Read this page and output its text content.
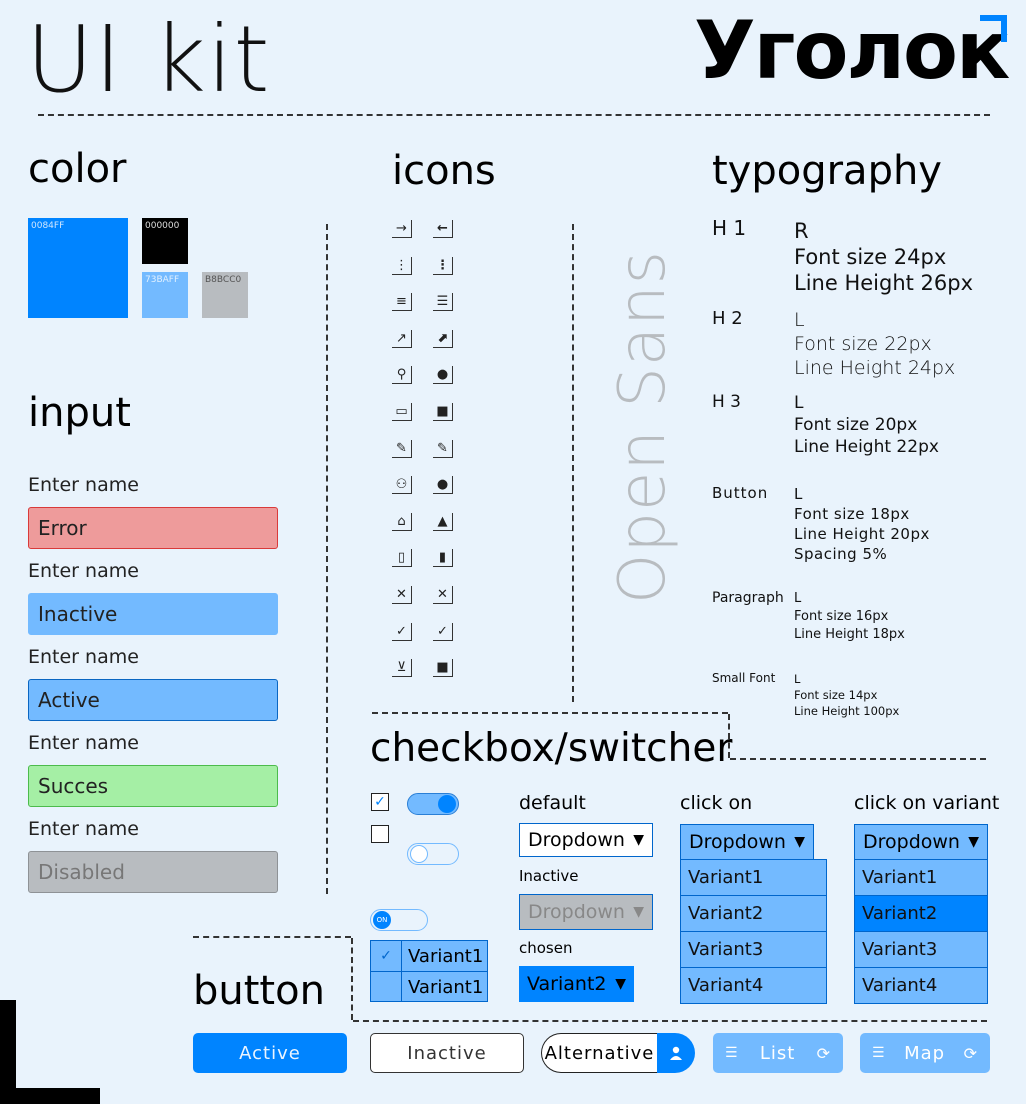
UI kit	Уголок
color
0084FF	000000
73BAFF	B8BCC0
input
Enter name
Error
Enter name
Inactive
Enter name
Active
Enter name
Succes
Enter name
Disabled
icons
→	←
⋮	⋮
≡	☰
↗	⬈
⚲	●
▭	■
✎	✎
⚇	●
⌂	▲
▯	▮
✕	✕
✓	✓
⊻	■
Open Sans
typography
H 1 R
Font size 24px
Line Height 26px
H 2	L
Font size 22px
Line Height 24px
H 3	L
Font size 20px
Line Height 22px
Button L
Font size 18px
Line Height 20px
Spacing 5%
Paragraph L
Font size 16px
Line Height 18px
Small Font L
Font size 14px
Line Height 100px
checkbox/switcher
✓
ON
✓ Variant1
Variant1
default
Dropdown ▼
Inactive
Dropdown ▼
chosen
Variant2 ▼
click on
Dropdown ▼
Variant1
Variant2
Variant3
Variant4
click on variant
Dropdown ▼
Variant1
Variant2
Variant3
Variant4
button
Active	Inactive	Alternative	☰ List ⟳	☰ Map ⟳
